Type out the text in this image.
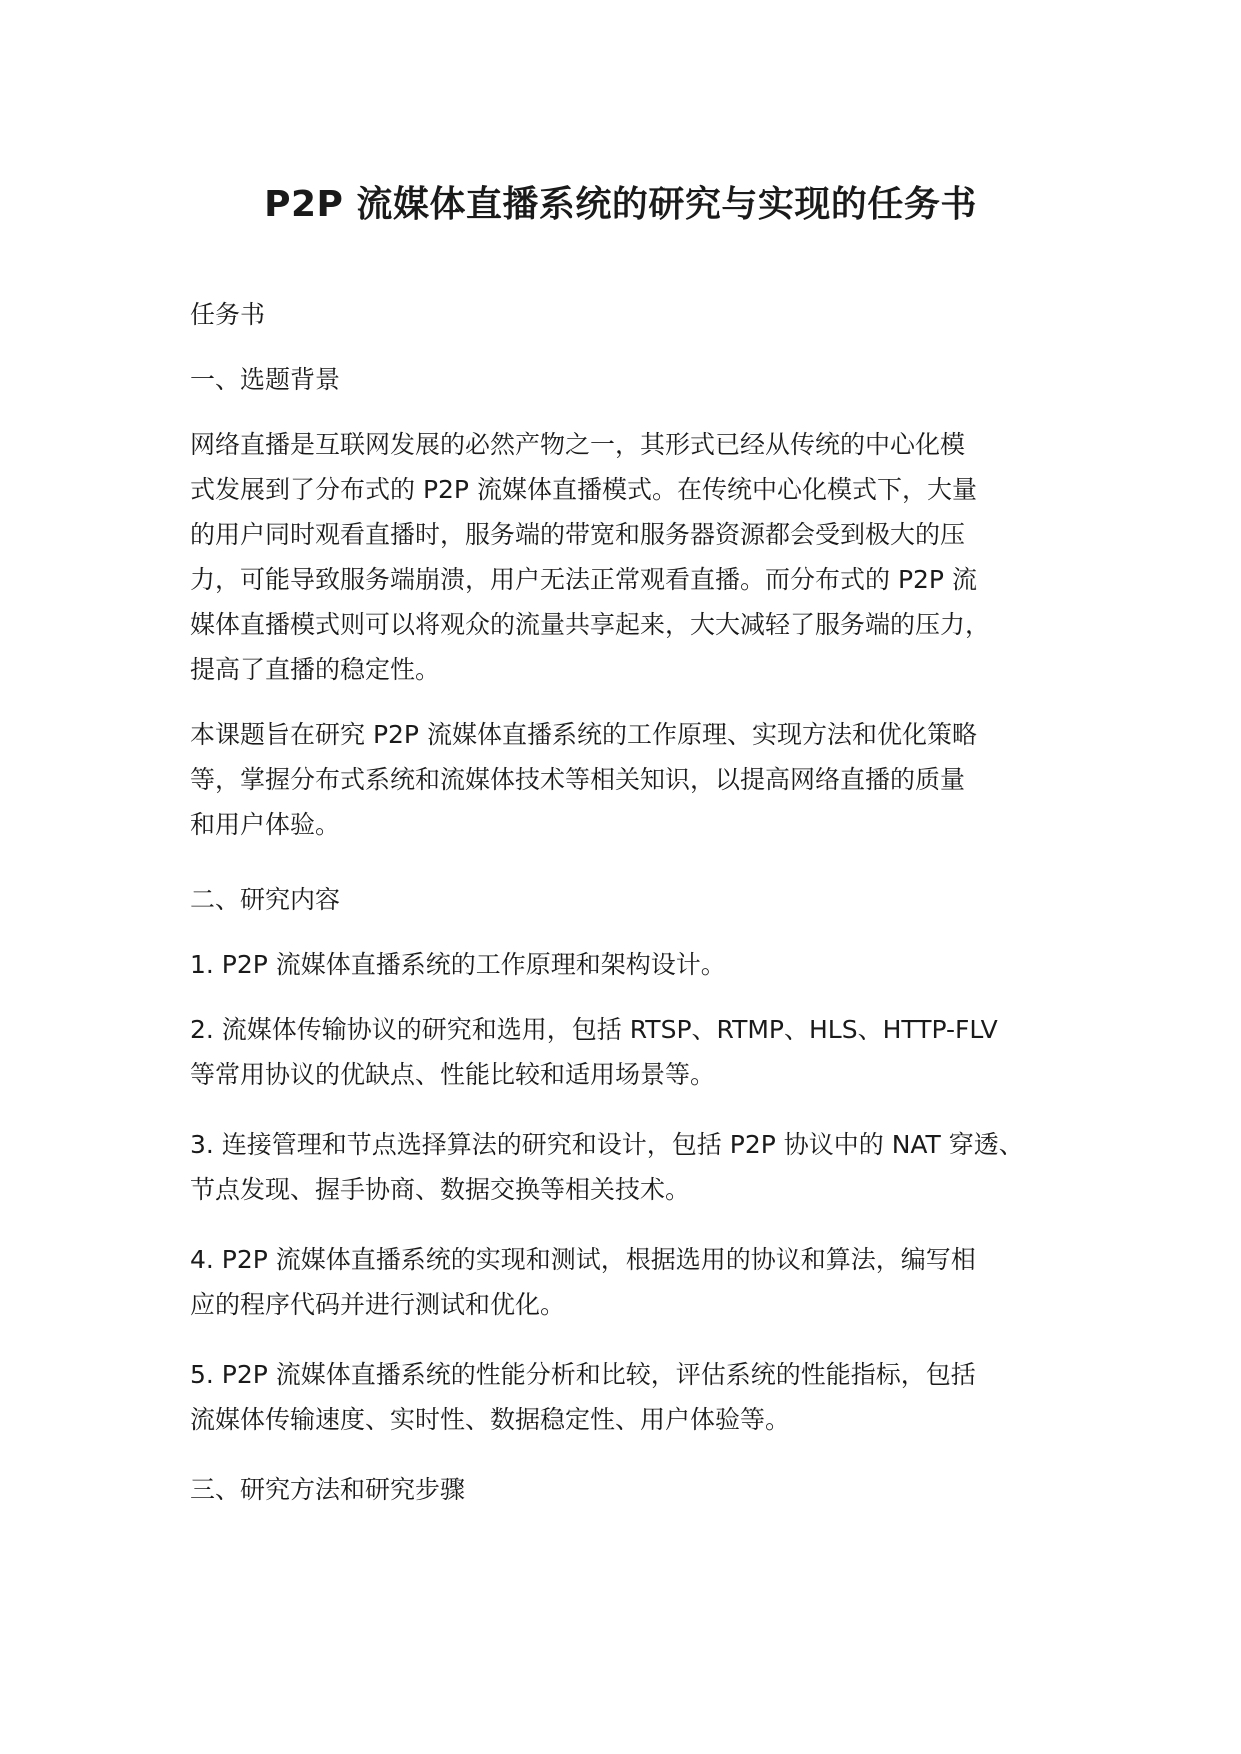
P2P 流媒体直播系统的研究与实现的任务书
任务书
一、选题背景
网络直播是互联网发展的必然产物之一，其形式已经从传统的中心化模
式发展到了分布式的 P2P 流媒体直播模式。在传统中心化模式下，大量
的用户同时观看直播时，服务端的带宽和服务器资源都会受到极大的压
力，可能导致服务端崩溃，用户无法正常观看直播。而分布式的 P2P 流
媒体直播模式则可以将观众的流量共享起来，大大减轻了服务端的压力，
提高了直播的稳定性。
本课题旨在研究 P2P 流媒体直播系统的工作原理、实现方法和优化策略
等，掌握分布式系统和流媒体技术等相关知识，以提高网络直播的质量
和用户体验。
二、研究内容
1. P2P 流媒体直播系统的工作原理和架构设计。
2. 流媒体传输协议的研究和选用，包括 RTSP、RTMP、HLS、HTTP-FLV
等常用协议的优缺点、性能比较和适用场景等。
3. 连接管理和节点选择算法的研究和设计，包括 P2P 协议中的 NAT 穿透、
节点发现、握手协商、数据交换等相关技术。
4. P2P 流媒体直播系统的实现和测试，根据选用的协议和算法，编写相
应的程序代码并进行测试和优化。
5. P2P 流媒体直播系统的性能分析和比较，评估系统的性能指标，包括
流媒体传输速度、实时性、数据稳定性、用户体验等。
三、研究方法和研究步骤
